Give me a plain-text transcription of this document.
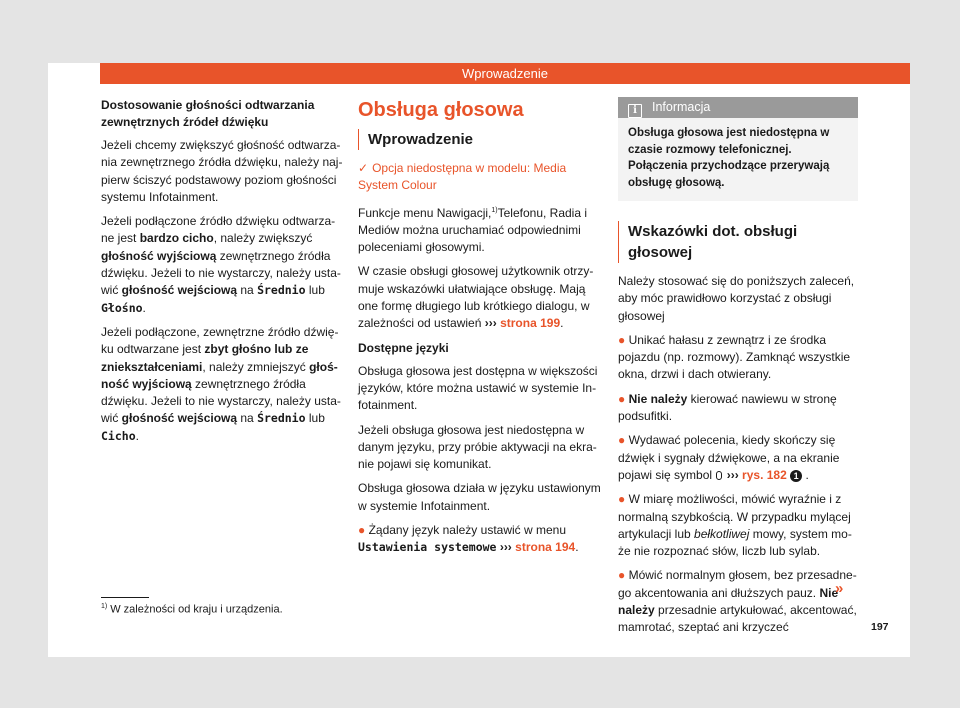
Wprowadzenie
Dostosowanie głośności odtwarzania zewnętrznych źródeł dźwięku

Jeżeli chcemy zwiększyć głośność odtwarzania zewnętrznego źródła dźwięku, należy najpierw ściszyć podstawowy poziom głośności systemu Infotainment.

Jeżeli podłączone źródło dźwięku odtwarzane jest bardzo cicho, należy zwiększyć głośność wyjściową zewnętrznego źródła dźwięku. Jeżeli to nie wystarczy, należy ustawić głośność wejściową na Średnio lub Głośno.

Jeżeli podłączone, zewnętrzne źródło dźwięku odtwarzane jest zbyt głośno lub ze zniekształceniami, należy zmniejszyć głośność wyjściową zewnętrznego źródła dźwięku. Jeżeli to nie wystarczy, należy ustawić głośność wejściową na Średnio lub Cicho.

Obsługa głosowa
Wprowadzenie

✓ Opcja niedostępna w modelu: Media System Colour

Funkcje menu Nawigacji,$^{1)}$Telefonu, Radia i Mediów można uruchamiać odpowiednimi poleceniami głosowymi.

W czasie obsługi głosowej użytkownik otrzymuje wskazówki ułatwiające obsługę. Mają one formę długiego lub krótkiego dialogu, w zależności od ustawień ››› strona 199.

Dostępne języki

Obsługa głosowa jest dostępna w większości języków, które można ustawić w systemie Infotainment.

Jeżeli obsługa głosowa jest niedostępna w danym języku, przy próbie aktywacji na ekranie pojawi się komunikat.

Obsługa głosowa działa w języku ustawionym w systemie Infotainment.

● Żądany język należy ustawić w menu Ustawienia systemowe ››› strona 194.

i Informacja
Obsługa głosowa jest niedostępna w czasie rozmowy telefonicznej. Połączenia przychodzące przerywają obsługę głosową.
Wskazówki dot. obsługi głosowej

Należy stosować się do poniższych zaleceń, aby móc prawidłowo korzystać z obsługi głosowej

● Unikać hałasu z zewnątrz i ze środka pojazdu (np. rozmowy). Zamknąć wszystkie okna, drzwi i dach otwierany.

● Nie należy kierować nawiewu w stronę podsufitki.

● Wydawać polecenia, kiedy skończy się dźwięk i sygnały dźwiękowe, a na ekranie pojawi się symbol  ››› rys. 182 1 .

● W miarę możliwości, mówić wyraźnie i z normalną szybkością. W przypadku mylącej artykulacji lub bełkotliwej mowy, system może nie rozpoznać słów, liczb lub sylab.

● Mówić normalnym głosem, bez przesadnego akcentowania ani dłuższych pauz. Nie należy przesadnie artykułować, akcentować, mamrotać, szeptać ani krzyczeć

»
$^{1)}$ W zależności od kraju i urządzenia.
197
